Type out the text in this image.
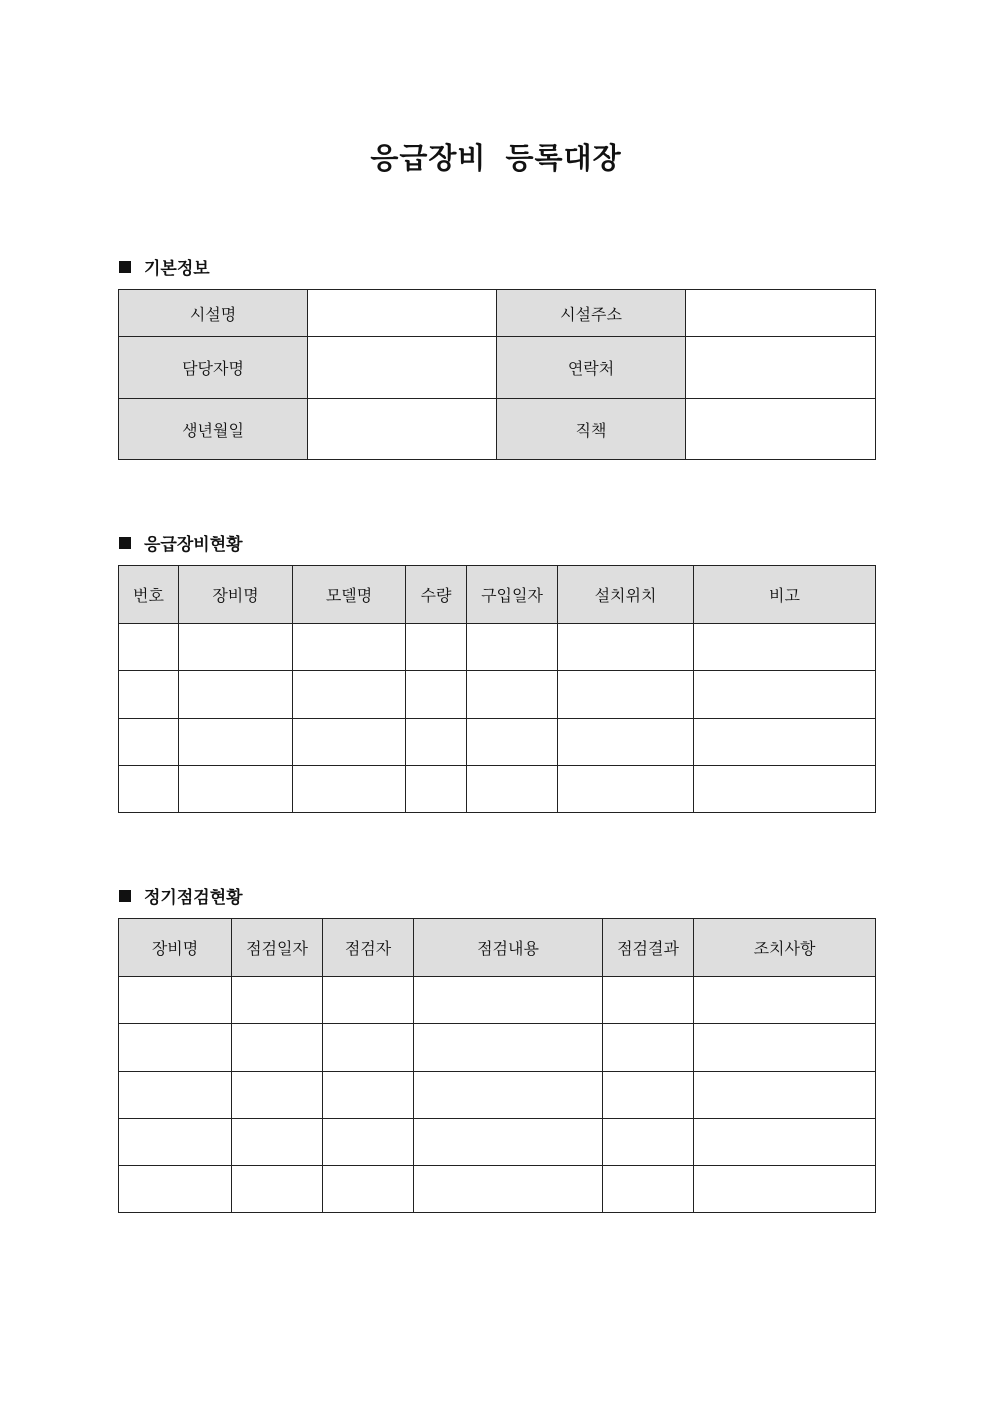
응급장비 등록대장
기본정보
시설명		시설주소	
담당자명		연락처	
생년월일		직책	
응급장비현황
번호	장비명	모델명	수량	구입일자	설치위치	비고

정기점검현황
장비명	점검일자	점검자	점검내용	점검결과	조치사항
